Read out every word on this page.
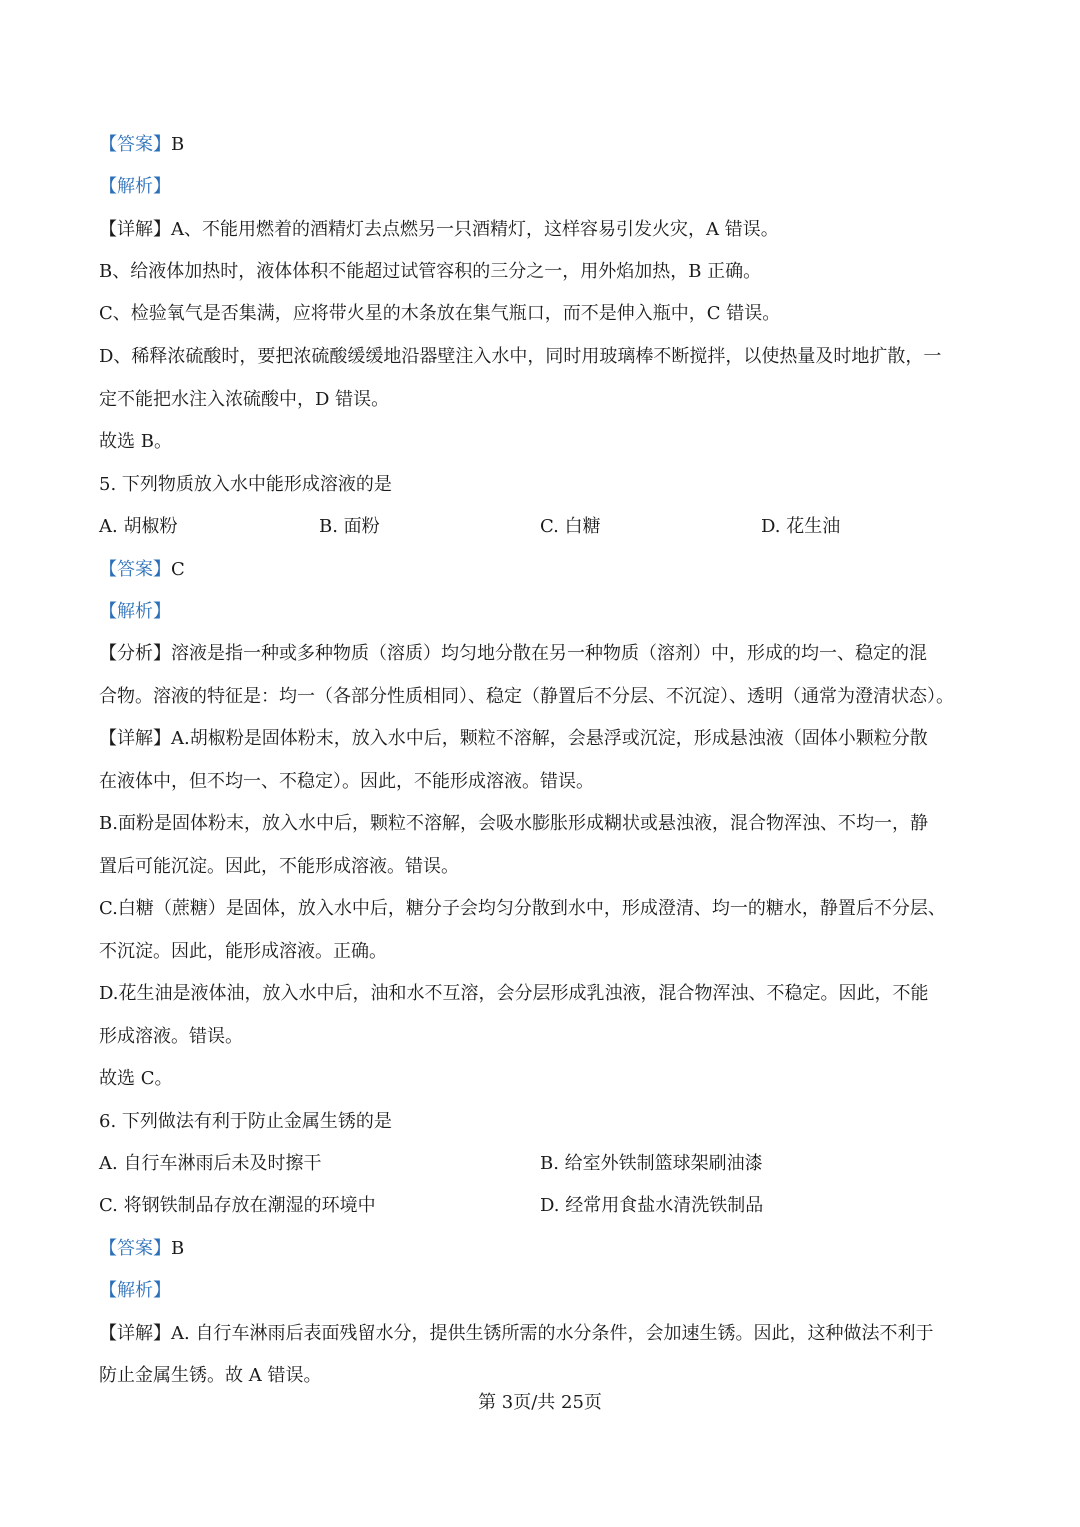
【答案】B
【解析】
【详解】A、不能用燃着的酒精灯去点燃另一只酒精灯，这样容易引发火灾，A 错误。
B、给液体加热时，液体体积不能超过试管容积的三分之一，用外焰加热，B 正确。
C、检验氧气是否集满，应将带火星的木条放在集气瓶口，而不是伸入瓶中，C 错误。
D、稀释浓硫酸时，要把浓硫酸缓缓地沿器壁注入水中，同时用玻璃棒不断搅拌，以使热量及时地扩散，一
定不能把水注入浓硫酸中，D 错误。
故选 B。
5. 下列物质放入水中能形成溶液的是
A. 胡椒粉	B. 面粉	C. 白糖	D. 花生油
【答案】C
【解析】
【分析】溶液是指一种或多种物质（溶质）均匀地分散在另一种物质（溶剂）中，形成的均一、稳定的混
合物。溶液的特征是：均一（各部分性质相同）、稳定（静置后不分层、不沉淀）、透明（通常为澄清状态）。
【详解】A.胡椒粉是固体粉末，放入水中后，颗粒不溶解，会悬浮或沉淀，形成悬浊液（固体小颗粒分散
在液体中，但不均一、不稳定）。因此，不能形成溶液。错误。
B.面粉是固体粉末，放入水中后，颗粒不溶解，会吸水膨胀形成糊状或悬浊液，混合物浑浊、不均一，静
置后可能沉淀。因此，不能形成溶液。错误。
C.白糖（蔗糖）是固体，放入水中后，糖分子会均匀分散到水中，形成澄清、均一的糖水，静置后不分层、
不沉淀。因此，能形成溶液。正确。
D.花生油是液体油，放入水中后，油和水不互溶，会分层形成乳浊液，混合物浑浊、不稳定。因此，不能
形成溶液。错误。
故选 C。
6. 下列做法有利于防止金属生锈的是
A. 自行车淋雨后未及时擦干	B. 给室外铁制篮球架刷油漆
C. 将钢铁制品存放在潮湿的环境中	D. 经常用食盐水清洗铁制品
【答案】B
【解析】
【详解】A. 自行车淋雨后表面残留水分，提供生锈所需的水分条件，会加速生锈。因此，这种做法不利于
防止金属生锈。故 A 错误。
第 3页/共 25页
